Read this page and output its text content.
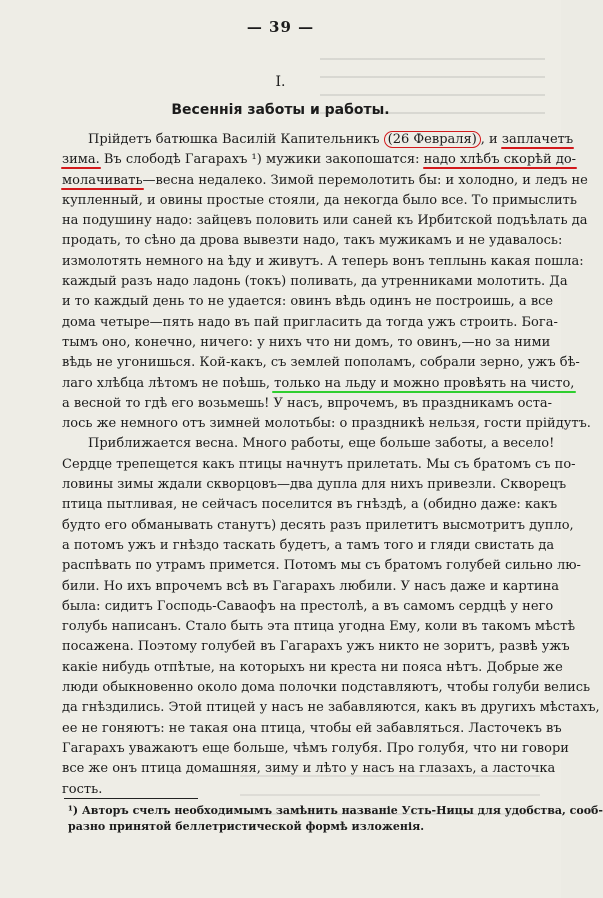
— 39 —
I.
Весеннія заботы и работы.
Прійдетъ батюшка Василій Капительникъ (26 Февраля) , и заплачетъ
зима. Въ слободѣ Гагарахъ ¹) мужики закопошатся: надо хлѣбъ скорѣй до-
молачивать—весна недалеко. Зимой перемолотить бы: и холодно, и ледъ не
купленный, и овины простые стояли, да некогда было все. То примыслить
на подушину надо: зайцевъ половить или саней къ Ирбитской подъѣлать да
продать, то сѣно да дрова вывезти надо, такъ мужикамъ и не удавалось:
измолотять немного на ѣду и живутъ. А теперь вонъ теплынь какая пошла:
каждый разъ надо ладонь (токъ) поливать, да утренниками молотить. Да
и то каждый день то не удается: овинъ вѣдь одинъ не построишь, а все
дома четыре—пять надо въ пай пригласить да тогда ужъ строить. Бога-
тымъ оно, конечно, ничего: у нихъ что ни домъ, то овинъ,—но за ними
вѣдь не угонишься. Кой-какъ, съ землей пополамъ, собрали зерно, ужъ бѣ-
лаго хлѣбца лѣтомъ не поѣшь, только на льду и можно провѣять на чисто,
а весной то гдѣ его возьмешь! У насъ, впрочемъ, въ праздникамъ оста-
лось же немного отъ зимней молотьбы: о праздникѣ нельзя, гости прійдутъ.
Приближается весна. Много работы, еще больше заботы, а весело!
Сердце трепещется какъ птицы начнутъ прилетать. Мы съ братомъ съ по-
ловины зимы ждали скворцовъ—два дупла для нихъ привезли. Скворецъ
птица пытливая, не сейчасъ поселится въ гнѣздѣ, а (обидно даже: какъ
будто его обманывать станутъ) десять разъ прилетитъ высмотритъ дупло,
а потомъ ужъ и гнѣздо таскать будетъ, а тамъ того и гляди свистать да
распѣвать по утрамъ примется. Потомъ мы съ братомъ голубей сильно лю-
били. Но ихъ впрочемъ всѣ въ Гагарахъ любили. У насъ даже и картина
была: сидитъ Господь-Саваофъ на престолѣ, а въ самомъ сердцѣ у него
голубь написанъ. Стало быть эта птица угодна Ему, коли въ такомъ мѣстѣ
посажена. Поэтому голубей въ Гагарахъ ужъ никто не зоритъ, развѣ ужъ
какіе нибудь отпѣтые, на которыхъ ни креста ни пояса нѣтъ. Добрые же
люди обыкновенно около дома полочки подставляютъ, чтобы голуби велись
да гнѣздились. Этой птицей у насъ не забавляются, какъ въ другихъ мѣстахъ,
ее не гоняютъ: не такая она птица, чтобы ей забавляться. Ласточекъ въ
Гагарахъ уважаютъ еще больше, чѣмъ голубя. Про голубя, что ни говори
все же онъ птица домашняя, зиму и лѣто у насъ на глазахъ, а ласточка
гость.
¹) Авторъ счелъ необходимымъ замѣнить названіе Усть-Ницы для удобства, сооб-
разно принятой беллетристической формѣ изложенія.
